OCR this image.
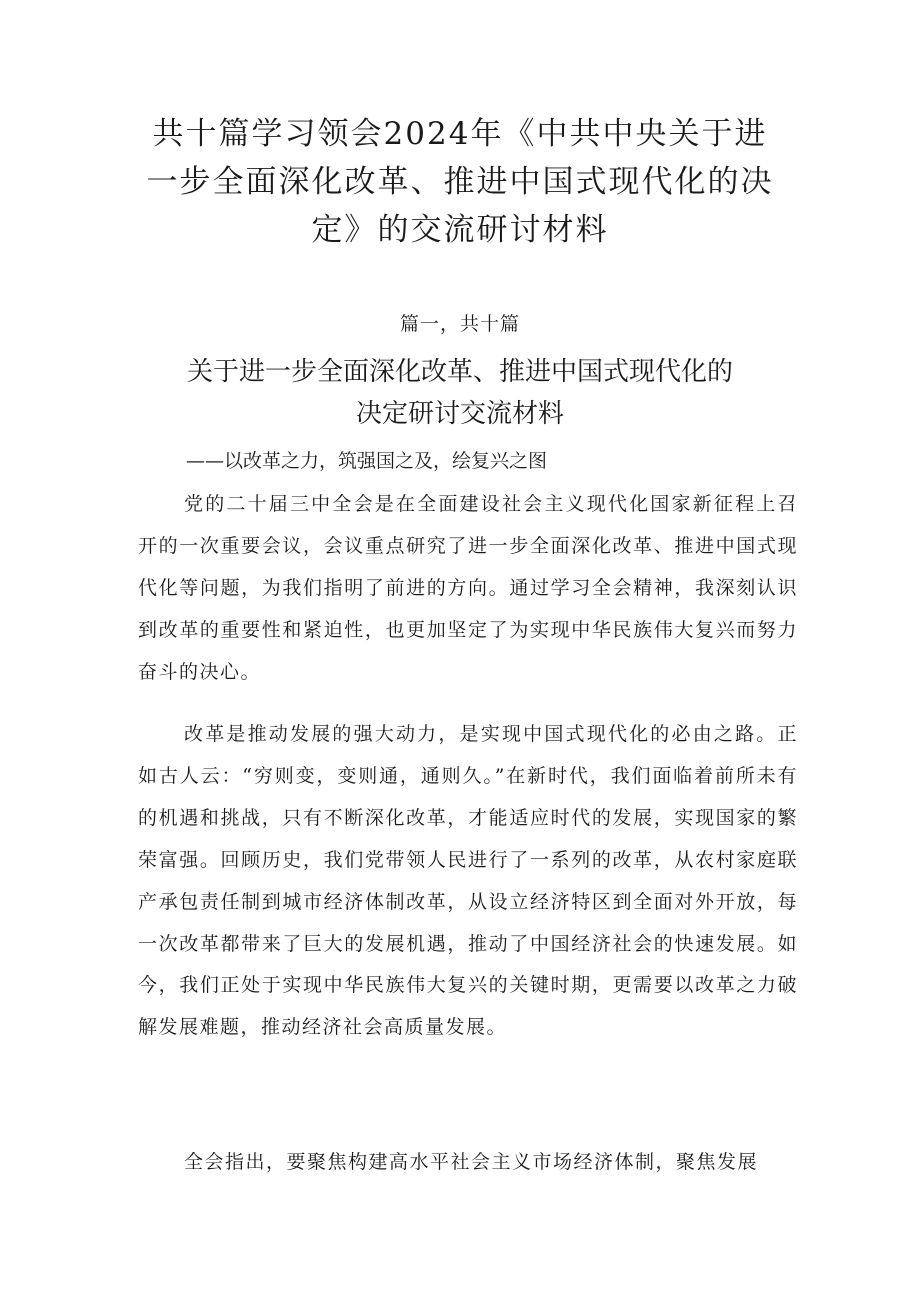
共十篇学习领会2024年《中共中央关于进
一步全面深化改革、推进中国式现代化的决
定》的交流研讨材料
篇一，共十篇
关于进一步全面深化改革、推进中国式现代化的
决定研讨交流材料
——以改革之力，筑强国之及，绘复兴之图

党的二十届三中全会是在全面建设社会主义现代化国家新征程上召开的一次重要会议，会议重点研究了进一步全面深化改革、推进中国式现代化等问题，为我们指明了前进的方向。通过学习全会精神，我深刻认识到改革的重要性和紧迫性，也更加坚定了为实现中华民族伟大复兴而努力奋斗的决心。

改革是推动发展的强大动力，是实现中国式现代化的必由之路。正如古人云：“穷则变，变则通，通则久。”在新时代，我们面临着前所未有的机遇和挑战，只有不断深化改革，才能适应时代的发展，实现国家的繁荣富强。回顾历史，我们党带领人民进行了一系列的改革，从农村家庭联产承包责任制到城市经济体制改革，从设立经济特区到全面对外开放，每一次改革都带来了巨大的发展机遇，推动了中国经济社会的快速发展。如今，我们正处于实现中华民族伟大复兴的关键时期，更需要以改革之力破解发展难题，推动经济社会高质量发展。

全会指出，要聚焦构建高水平社会主义市场经济体制，聚焦发展
